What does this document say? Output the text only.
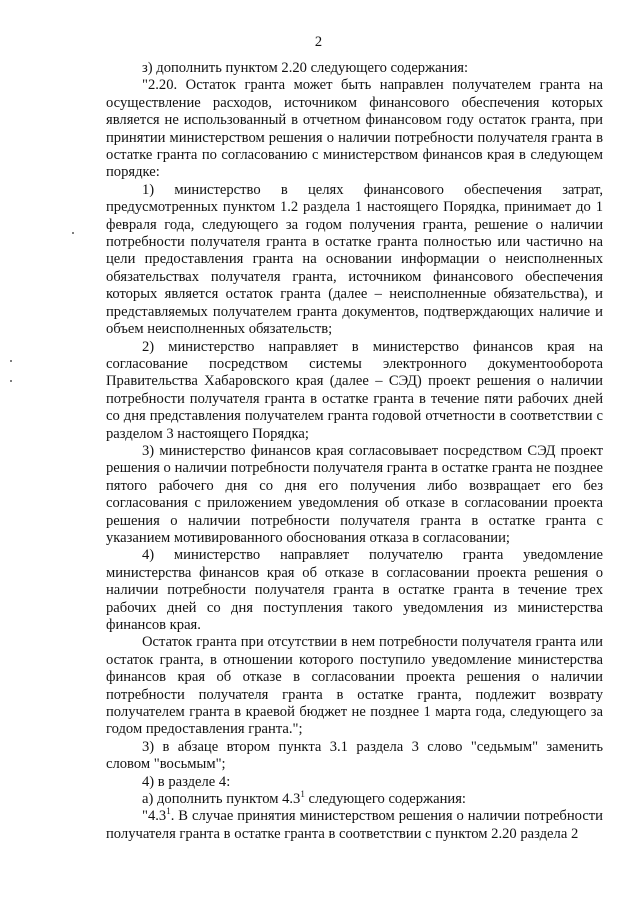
2

з) дополнить пунктом 2.20 следующего содержания:

"2.20. Остаток гранта может быть направлен получателем гранта на осуществление расходов, источником финансового обеспечения которых является не использованный в отчетном финансовом году остаток гранта, при принятии министерством решения о наличии потребности получателя гранта в остатке гранта по согласованию с министерством финансов края в следующем порядке:

1) министерство в целях финансового обеспечения затрат, предусмотренных пунктом 1.2 раздела 1 настоящего Порядка, принимает до 1 февраля года, следующего за годом получения гранта, решение о наличии потребности получателя гранта в остатке гранта полностью или частично на цели предоставления гранта на основании информации о неисполненных обязательствах получателя гранта, источником финансового обеспечения которых является остаток гранта (далее – неисполненные обязательства), и представляемых получателем гранта документов, подтверждающих наличие и объем неисполненных обязательств;

2) министерство направляет в министерство финансов края на согласование посредством системы электронного документооборота Правительства Хабаровского края (далее – СЭД) проект решения о наличии потребности получателя гранта в остатке гранта в течение пяти рабочих дней со дня представления получателем гранта годовой отчетности в соответствии с разделом 3 настоящего Порядка;

3) министерство финансов края согласовывает посредством СЭД проект решения о наличии потребности получателя гранта в остатке гранта не позднее пятого рабочего дня со дня его получения либо возвращает его без согласования с приложением уведомления об отказе в согласовании проекта решения о наличии потребности получателя гранта в остатке гранта с указанием мотивированного обоснования отказа в согласовании;

4) министерство направляет получателю гранта уведомление министерства финансов края об отказе в согласовании проекта решения о наличии потребности получателя гранта в остатке гранта в течение трех рабочих дней со дня поступления такого уведомления из министерства финансов края.

Остаток гранта при отсутствии в нем потребности получателя гранта или остаток гранта, в отношении которого поступило уведомление министерства финансов края об отказе в согласовании проекта решения о наличии потребности получателя гранта в остатке гранта, подлежит возврату получателем гранта в краевой бюджет не позднее 1 марта года, следующего за годом предоставления гранта.";

3) в абзаце втором пункта 3.1 раздела 3 слово "седьмым" заменить словом "восьмым";

4) в разделе 4:

а) дополнить пунктом $4.3^1$ следующего содержания:

"$4.3^1$. В случае принятия министерством решения о наличии потребности получателя гранта в остатке гранта в соответствии с пунктом 2.20 раздела 2
